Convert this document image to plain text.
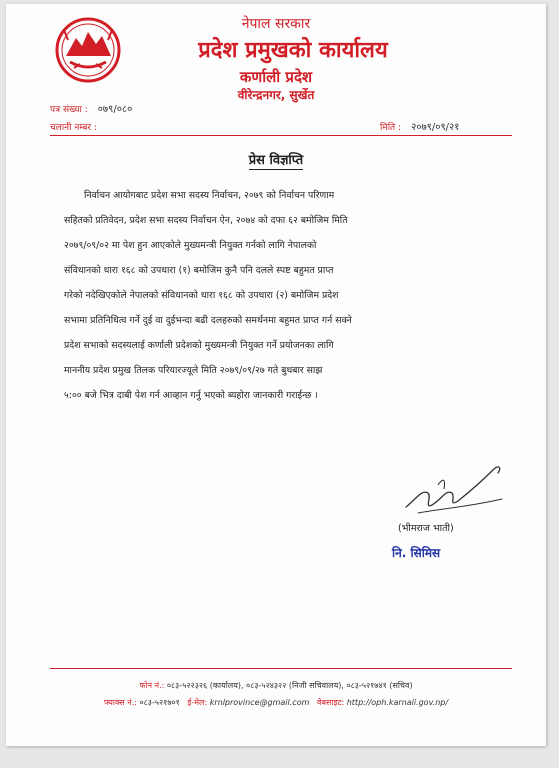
नेपाल सरकार
प्रदेश प्रमुखको कार्यालय
कर्णाली प्रदेश
वीरेन्द्रनगर, सुर्खेत
पत्र संख्या : ०७९/०८०
चलानी नम्बर :	मिति : २०७९/०९/२१
प्रेस विज्ञप्ति
निर्वाचन आयोगबाट प्रदेश सभा सदस्य निर्वाचन, २०७९ को निर्वाचन परिणाम
सहितको प्रतिवेदन, प्रदेश सभा सदस्य निर्वाचन ऐन, २०७४ को दफा ६२ बमोजिम मिति
२०७९/०९/०२ मा पेश हुन आएकोले मुख्यमन्त्री नियुक्त गर्नको लागि नेपालको
संविधानको धारा १६८ को उपधारा (१) बमोजिम कुनै पनि दलले स्पष्ट बहुमत प्राप्त
गरेको नदेखिएकोले नेपालको संविधानको धारा १६८ को उपधारा (२) बमोजिम प्रदेश
सभामा प्रतिनिधित्व गर्ने दुई वा दुईभन्दा बढी दलहरुको समर्थनमा बहुमत प्राप्त गर्न सक्ने
प्रदेश सभाको सदस्यलाई कर्णाली प्रदेशको मुख्यमन्त्री नियुक्त गर्ने प्रयोजनका लागि
माननीय प्रदेश प्रमुख तिलक परियारज्यूले मिति २०७९/०९/२७ गते बुधबार साझ
५:०० बजे भित्र दाबी पेश गर्न आव्हान गर्नु भएको ब्यहोरा जानकारी गराईन्छ ।
(भीमराज भाती)
नि. सिमिस
फोन नं.: ०८३-५२२३२६ (कार्यालय), ०८३-५२४३२२ (निजी सचिवालय), ०८३-५२१७४१ (सचिव)
फ्याक्स नं.: ०८३-५२१७०१ ई-मेल: krnlprovince@gmail.com वेबसाइट: http://oph.karnali.gov.np/
